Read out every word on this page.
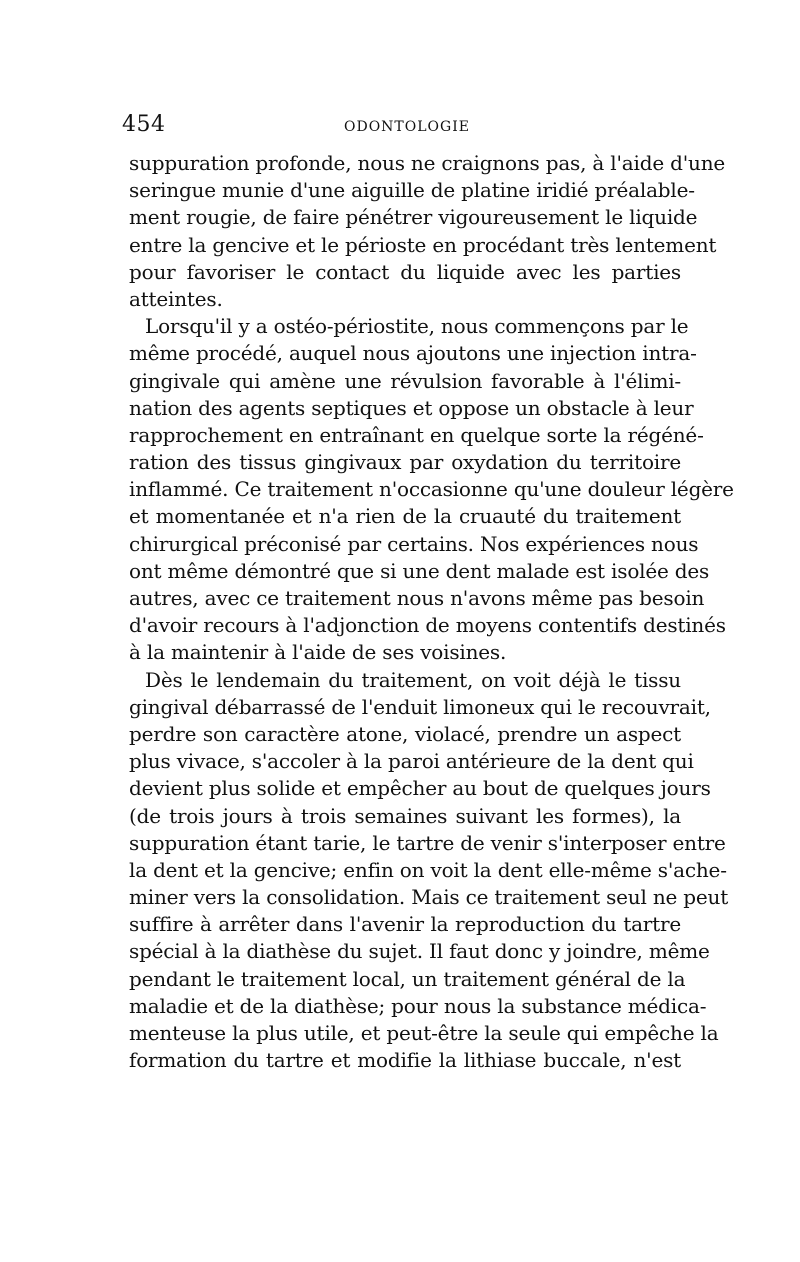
454	ODONTOLOGIE
suppuration profonde, nous ne craignons pas, à l'aide d'une
seringue munie d'une aiguille de platine iridié préalable-
ment rougie, de faire pénétrer vigoureusement le liquide
entre la gencive et le périoste en procédant très lentement
pour favoriser le contact du liquide avec les parties
atteintes.
Lorsqu'il y a ostéo-périostite, nous commençons par le
même procédé, auquel nous ajoutons une injection intra-
gingivale qui amène une révulsion favorable à l'élimi-
nation des agents septiques et oppose un obstacle à leur
rapprochement en entraînant en quelque sorte la régéné-
ration des tissus gingivaux par oxydation du territoire
inflammé. Ce traitement n'occasionne qu'une douleur légère
et momentanée et n'a rien de la cruauté du traitement
chirurgical préconisé par certains. Nos expériences nous
ont même démontré que si une dent malade est isolée des
autres, avec ce traitement nous n'avons même pas besoin
d'avoir recours à l'adjonction de moyens contentifs destinés
à la maintenir à l'aide de ses voisines.
Dès le lendemain du traitement, on voit déjà le tissu
gingival débarrassé de l'enduit limoneux qui le recouvrait,
perdre son caractère atone, violacé, prendre un aspect
plus vivace, s'accoler à la paroi antérieure de la dent qui
devient plus solide et empêcher au bout de quelques jours
(de trois jours à trois semaines suivant les formes), la
suppuration étant tarie, le tartre de venir s'interposer entre
la dent et la gencive; enfin on voit la dent elle-même s'ache-
miner vers la consolidation. Mais ce traitement seul ne peut
suffire à arrêter dans l'avenir la reproduction du tartre
spécial à la diathèse du sujet. Il faut donc y joindre, même
pendant le traitement local, un traitement général de la
maladie et de la diathèse; pour nous la substance médica-
menteuse la plus utile, et peut-être la seule qui empêche la
formation du tartre et modifie la lithiase buccale, n'est
